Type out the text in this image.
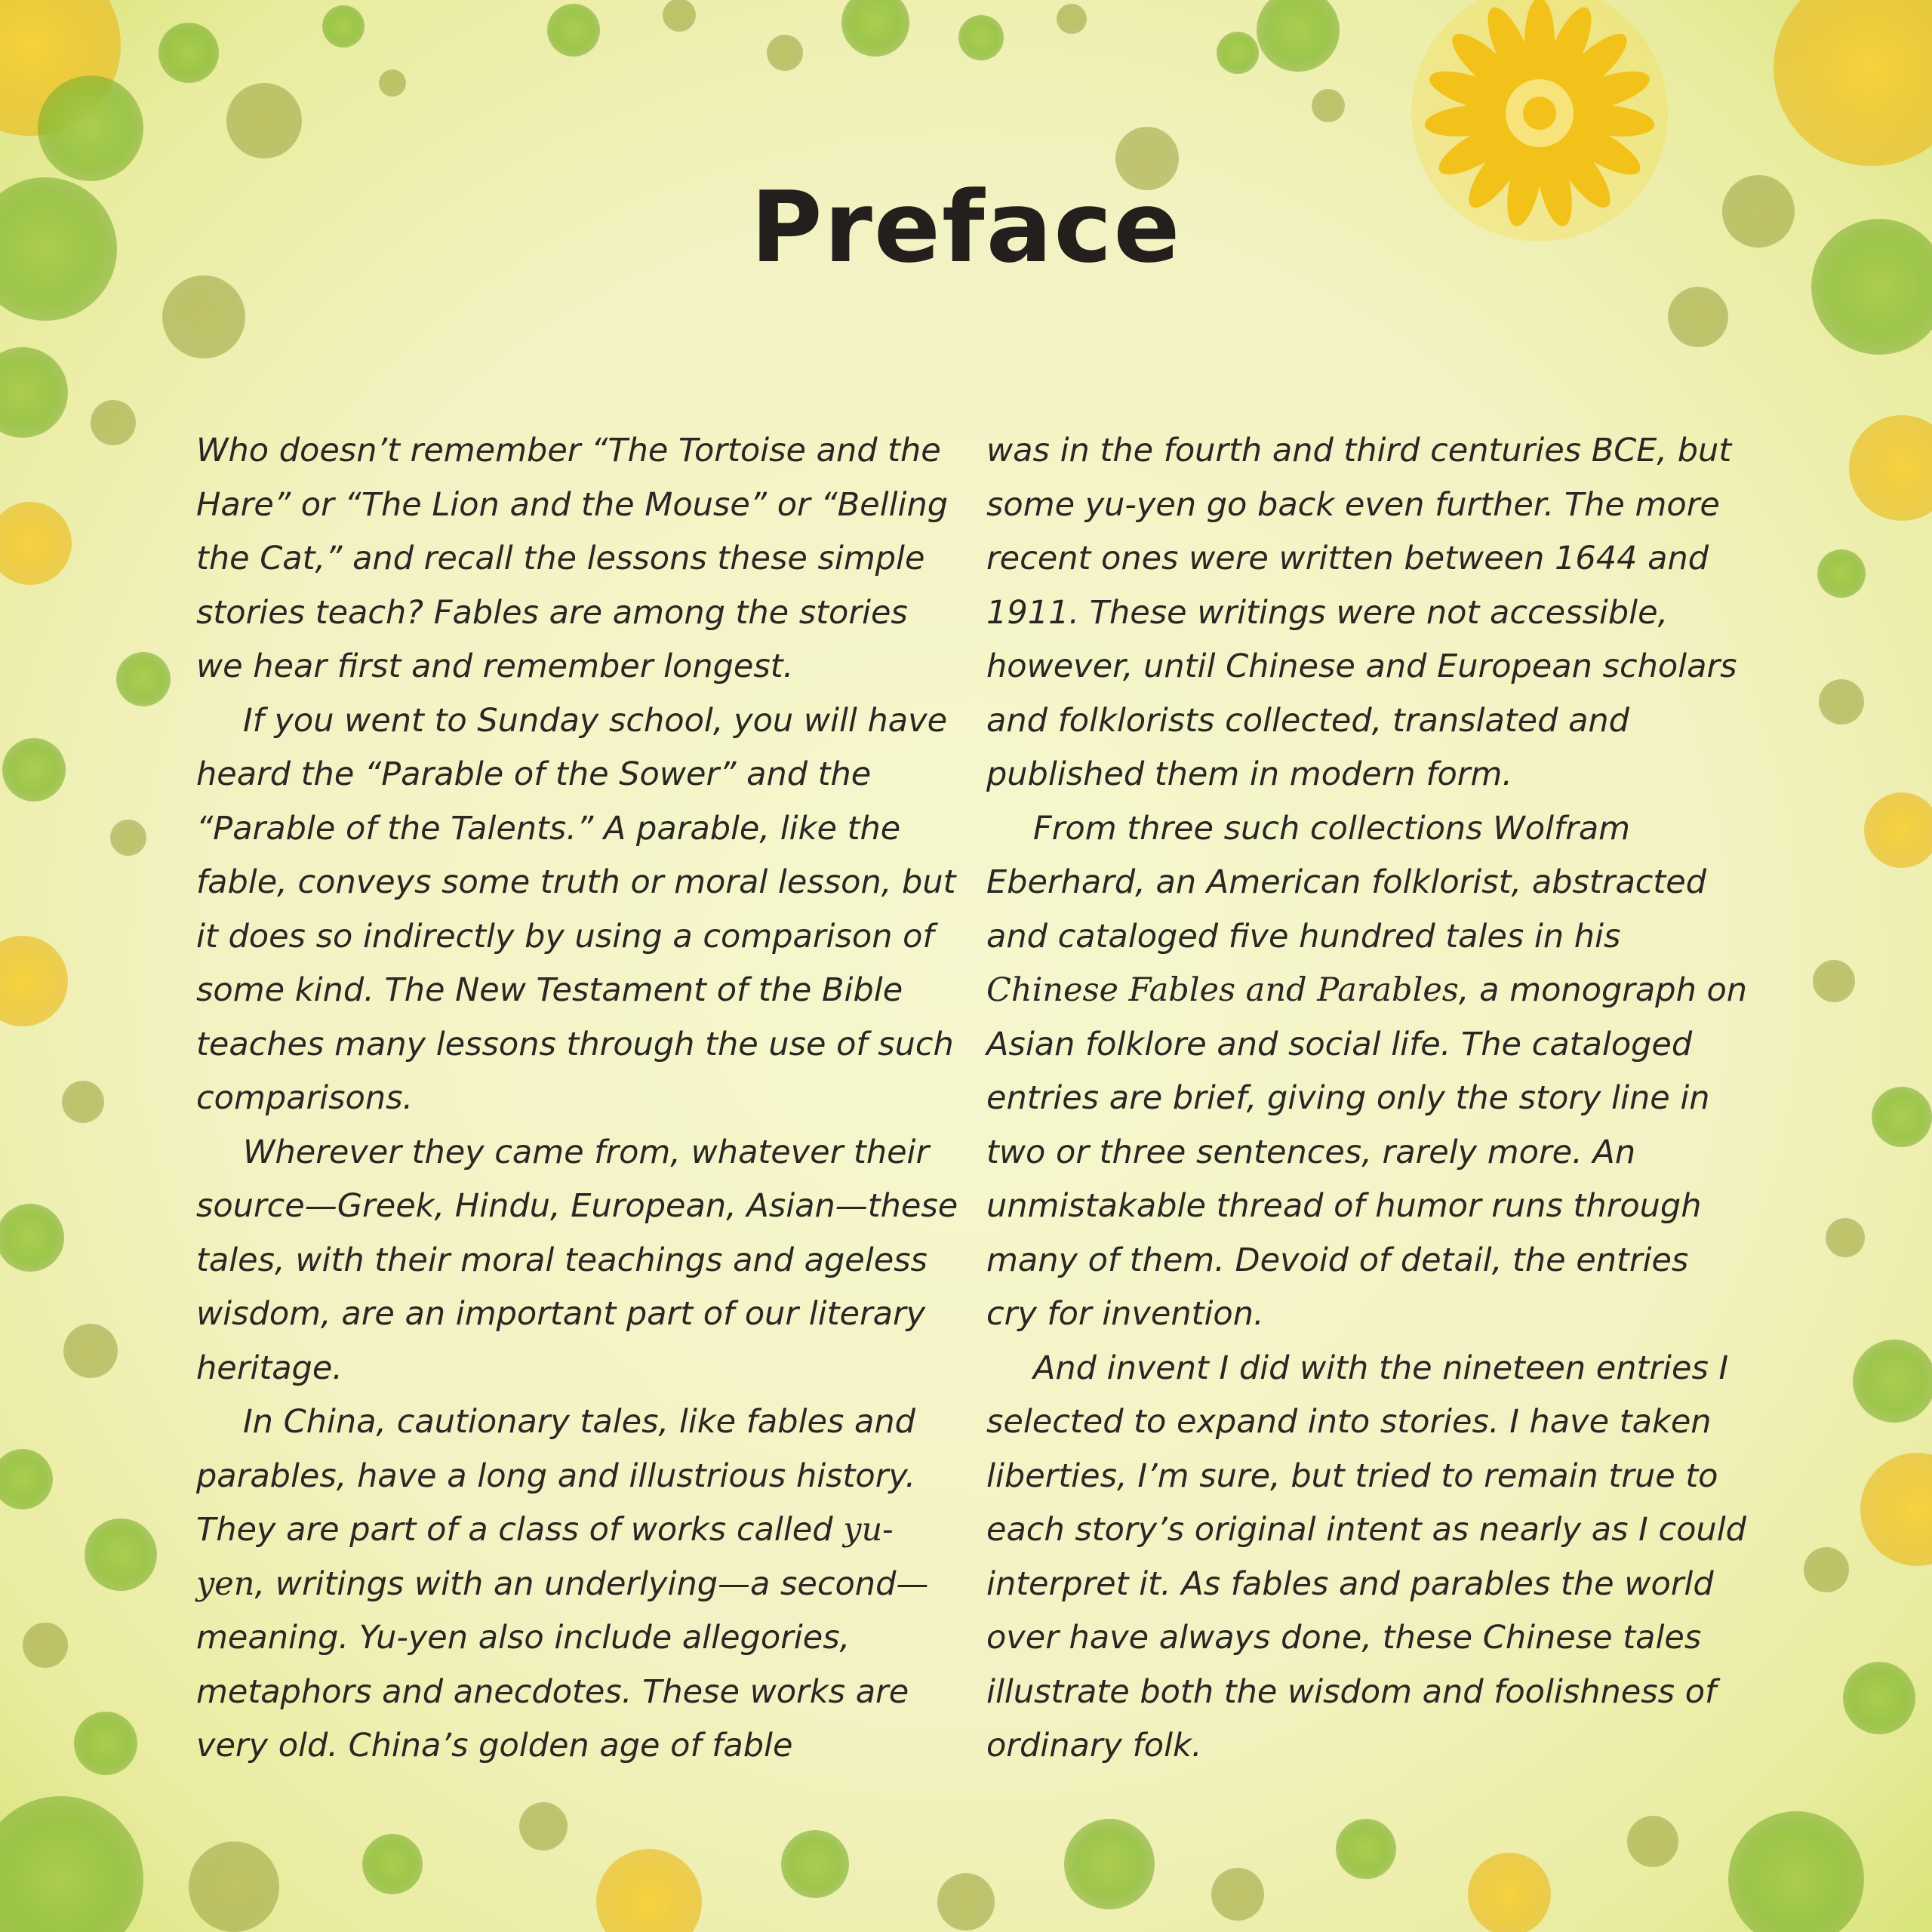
Preface

Who doesn’t remember “The Tortoise and the Hare” or “The Lion and the Mouse” or “Belling the Cat,” and recall the lessons these simple stories teach? Fables are among the stories we hear first and remember longest.

If you went to Sunday school, you will have heard the “Parable of the Sower” and the “Parable of the Talents.” A parable, like the fable, conveys some truth or moral lesson, but it does so indirectly by using a comparison of some kind. The New Testament of the Bible teaches many lessons through the use of such comparisons.

Wherever they came from, whatever their source—Greek, Hindu, European, Asian—these tales, with their moral teachings and ageless wisdom, are an important part of our literary heritage.

In China, cautionary tales, like fables and parables, have a long and illustrious history. They are part of a class of works called yu-yen, writings with an underlying—a second—meaning. Yu-yen also include allegories, metaphors and anecdotes. These works are very old. China’s golden age of fable

was in the fourth and third centuries BCE, but some yu-yen go back even further. The more recent ones were written between 1644 and 1911. These writings were not accessible, however, until Chinese and European scholars and folklorists collected, translated and published them in modern form.

From three such collections Wolfram Eberhard, an American folklorist, abstracted and cataloged five hundred tales in his Chinese Fables and Parables, a monograph on Asian folklore and social life. The cataloged entries are brief, giving only the story line in two or three sentences, rarely more. An unmistakable thread of humor runs through many of them. Devoid of detail, the entries cry for invention.

And invent I did with the nineteen entries I selected to expand into stories. I have taken liberties, I’m sure, but tried to remain true to each story’s original intent as nearly as I could interpret it. As fables and parables the world over have always done, these Chinese tales illustrate both the wisdom and foolishness of ordinary folk.
